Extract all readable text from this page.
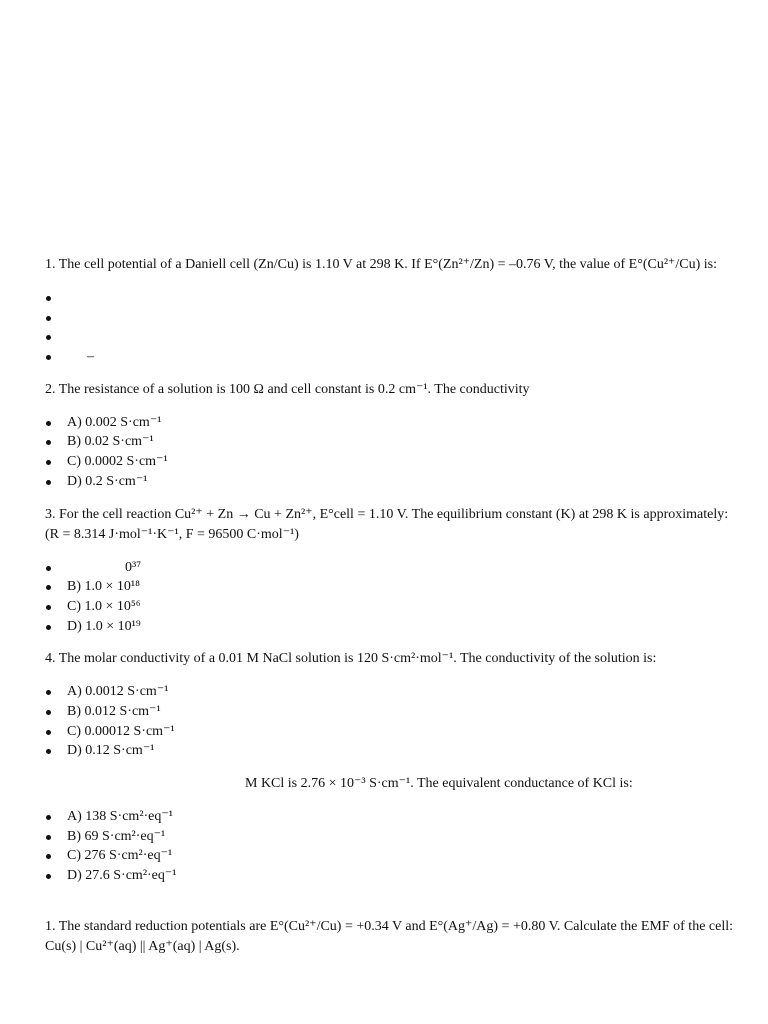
1. The cell potential of a Daniell cell (Zn/Cu) is 1.10 V at 298 K. If E°(Zn²⁺/Zn) = –0.76 V, the value of E°(Cu²⁺/Cu) is:

–

2. The resistance of a solution is 100 Ω and cell constant is 0.2 cm⁻¹. The conductivity

A) 0.002 S·cm⁻¹
B) 0.02 S·cm⁻¹
C) 0.0002 S·cm⁻¹
D) 0.2 S·cm⁻¹

3. For the cell reaction Cu²⁺ + Zn → Cu + Zn²⁺, E°cell = 1.10 V. The equilibrium constant (K) at 298 K is approximately:
(R = 8.314 J·mol⁻¹·K⁻¹, F = 96500 C·mol⁻¹)

0³⁷
B) 1.0 × 10¹⁸
C) 1.0 × 10⁵⁶
D) 1.0 × 10¹⁹

4. The molar conductivity of a 0.01 M NaCl solution is 120 S·cm²·mol⁻¹. The conductivity of the solution is:

A) 0.0012 S·cm⁻¹
B) 0.012 S·cm⁻¹
C) 0.00012 S·cm⁻¹
D) 0.12 S·cm⁻¹

M KCl is 2.76 × 10⁻³ S·cm⁻¹. The equivalent conductance of KCl is:

A) 138 S·cm²·eq⁻¹
B) 69 S·cm²·eq⁻¹
C) 276 S·cm²·eq⁻¹
D) 27.6 S·cm²·eq⁻¹

1. The standard reduction potentials are E°(Cu²⁺/Cu) = +0.34 V and E°(Ag⁺/Ag) = +0.80 V. Calculate the EMF of the cell:
Cu(s) | Cu²⁺(aq) || Ag⁺(aq) | Ag(s).
